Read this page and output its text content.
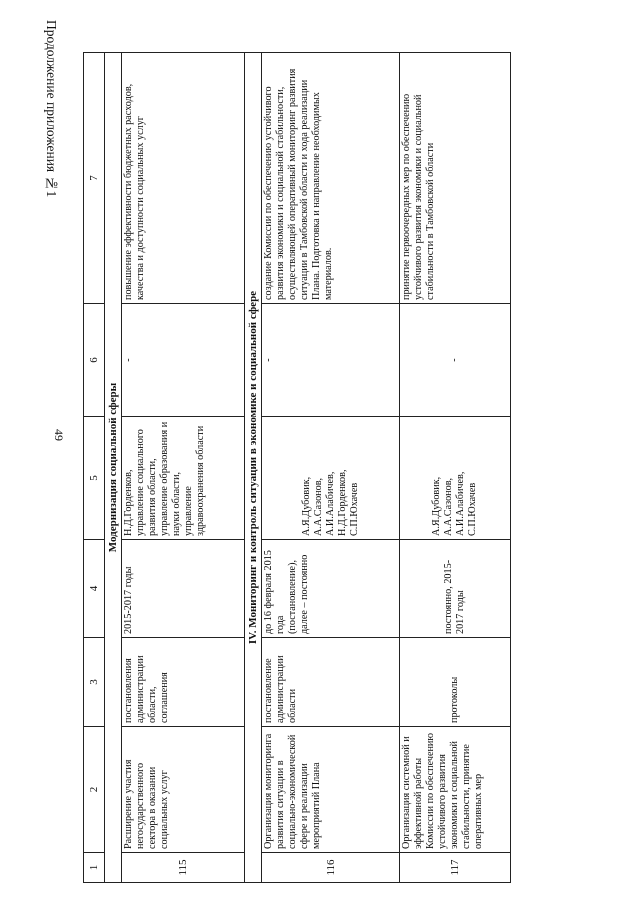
Продолжение приложения №1
49
1	2	3	4	5	6	7
Модернизация социальной сферы						
115	Расширение участия негосударственного сектора в оказании социальных услуг	постановления администрации области, соглашения	2015-2017 годы	Н.Д.Горденков, управление социального развития области, управление образования и науки области, управление здравоохранения области	-	повышение эффективности бюджетных расходов, качества и доступности социальных услуг
IV. Мониторинг и контроль ситуации в экономике и социальной сфере						
116	Организация мониторинга развития ситуации в социально-экономической сфере и реализации мероприятий Плана	постановление администрации области	до 16 февраля 2015 года (постановление), далее – постоянно	А.Я.Дубовик, А.А.Сазонов, А.И.Алабичев, Н.Д.Горденков, С.П.Юхачев	-	создание Комиссии по обеспечению устойчивого развития экономики и социальной стабильности, осуществляющей оперативный мониторинг развития ситуации в Тамбовской области и хода реализации Плана. Подготовка и направление необходимых материалов.
117	Организация системной и эффективной работы Комиссии по обеспечению устойчивого развития экономики и социальной стабильности, принятие оперативных мер	протоколы	постоянно, 2015-2017 годы	А.Я.Дубовик, А.А.Сазонов, А.И.Алабичев, С.П.Юхачев	-	принятие первоочередных мер по обеспечению устойчивого развития экономики и социальной стабильности в Тамбовской области
